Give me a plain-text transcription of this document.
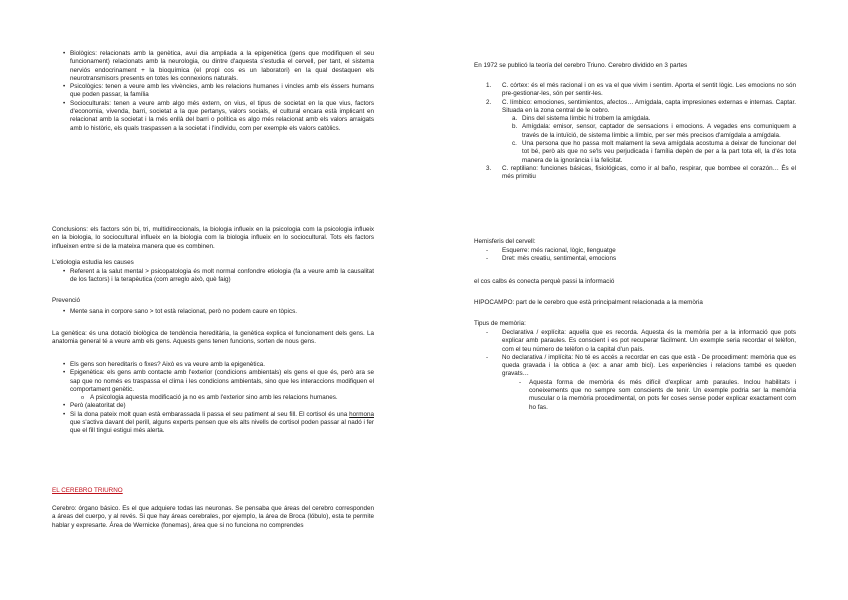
• Biològics: relacionats amb la genètica, avui dia ampliada a la epigenètica (gens que modifiquen el seu funcionament) relacionats amb la neurologia, ou dintre d'aquesta s'estudia el cervell, per tant, el sistema nerviós endocrinament + la bioquímica (el propi cos es un laboratori) en la qual destaquen els neurotransmisors presents en totes les connexions naturals.
• Psicològics: tenen a veure amb les vivències, amb les relacions humanes i vincles amb els éssers humans que poden passar, la família
• Socioculturals: tenen a veure amb algo més extern, on vius, el tipus de societat en la que vius, factors d'economia, vivenda, barri, societat a la que pertanys, valors socials, el cultural encara està implicant en relacionat amb la societat i la més enllà del barri o política es algo més relacionat amb els valors arraigats amb lo històric, els quals traspassen a la societat i l'individu, com per exemple els valors catòlics.

Conclusions: els factors són bi, tri, multidireccionals, la biologia influeix en la psicologia com la psicologia influeix en la biologia, lo sociocultural influeix en la biologia com la biologia influeix en lo sociocultural. Tots els factors influeixen entre si de la mateixa manera que es combinen.

L'etiologia estudia les causes

• Referent a la salut mental > psicopatologia és molt normal confondre etiologia (fa a veure amb la causalitat de los factors) i la terapèutica (com arreglo això, què faig)

Prevenció

• Mente sana in corpore sano > tot està relacionat, però no podem caure en tòpics.

La genètica: és una dotació biològica de tendència hereditària, la genètica explica el funcionament dels gens. La anatomia general té a veure amb els gens. Aquests gens tenen funcions, sorten de nous gens.

• Els gens son hereditaris o fixes? Això es va veure amb la epigenètica.
• Epigenètica: els gens amb contacte amb l'exterior (condicions ambientals) els gens el que és, però ara se sap que no només es traspassa el clima i les condicions ambientals, sino que les interaccions modifiquen el comportament genètic.
o A psicologia aquesta modificació ja no es amb l'exterior sino amb les relacions humanes.
• Però (aleatoritat de)
• Si la dona pateix molt quan està embarassada li passa el seu patiment al seu fill. El cortisol és una hormona que s'activa davant del perill, alguns experts pensen que els alts nivells de cortisol poden passar al nadó i fer que el fill tingui estigui més alerta.

EL CEREBRO TRIURNO

Cerebro: órgano básico. Es el que adquiere todas las neuronas. Se pensaba que áreas del cerebro corresponden a áreas del cuerpo, y al revés. Si que hay áreas cerebrales, por ejemplo, la área de Broca (lóbulo), esta te permite hablar y expresarte. Área de Wernicke (fonemas), área que si no funciona no comprendes

En 1972 se publicó la teoría del cerebro Triuno. Cerebro dividido en 3 partes

1. C. córtex: és el més racional i on es va el que vivim i sentim. Aporta el sentit lògic. Les emocions no són pre-gestionar-les, són per sentir-les.
2. C. límbico: emociones, sentimientos, afectos… Amígdala, capta impresiones externas e internas. Captar. Situada en la zona central de le cebro.
a. Dins del sistema límbic hi trobem la amígdala.
b. Amígdala: emisor, sensor, captador de sensacions i emocions. A vegades ens comuniquem a través de la intuïció, de sistema límbic a límbic, per ser més precisos d'amígdala a amígdala.
c. Una persona que ho passa molt malament la seva amígdala acostuma a deixar de funcionar del tot bé, però als que no se'ls veu perjudicada i família depèn de per a la part tota ell, la d'és tota manera de la ignorància i la felicitat.
3. C. reptiliano: funciones básicas, fisiológicas, como ir al baño, respirar, que bombee el corazón… És el més primitiu

Hemisferis del cervell:

- Esquerre: més racional, lògic, llenguatge
- Dret: més creatiu, sentimental, emocions

el cos calbs és conecta perquè passi la informació

HIPOCAMPO: part de le cerebro que està principalment relacionada a la memòria

Tipus de memòria:

- Declarativa / explícita: aquella que es recorda. Aquesta és la memòria per a la informació que pots explicar amb paraules. Es conscient i es pot recuperar fàcilment. Un exemple seria recordar el telèfon, com el teu número de telèfon o la capital d'un país.
- No declarativa / implícita: No té es accés a recordar en cas que està - De procediment: memòria que es queda gravada i la obtica a (ex: a anar amb bici). Les experiències i relacions també es queden gravats…
- Aquesta forma de memòria és més difícil d'explicar amb paraules. Inclou habilitats i coneixements que no sempre som conscients de tenir. Un exemple podria ser la memòria muscular o la memòria procedimental, on pots fer coses sense poder explicar exactament com ho fas.
